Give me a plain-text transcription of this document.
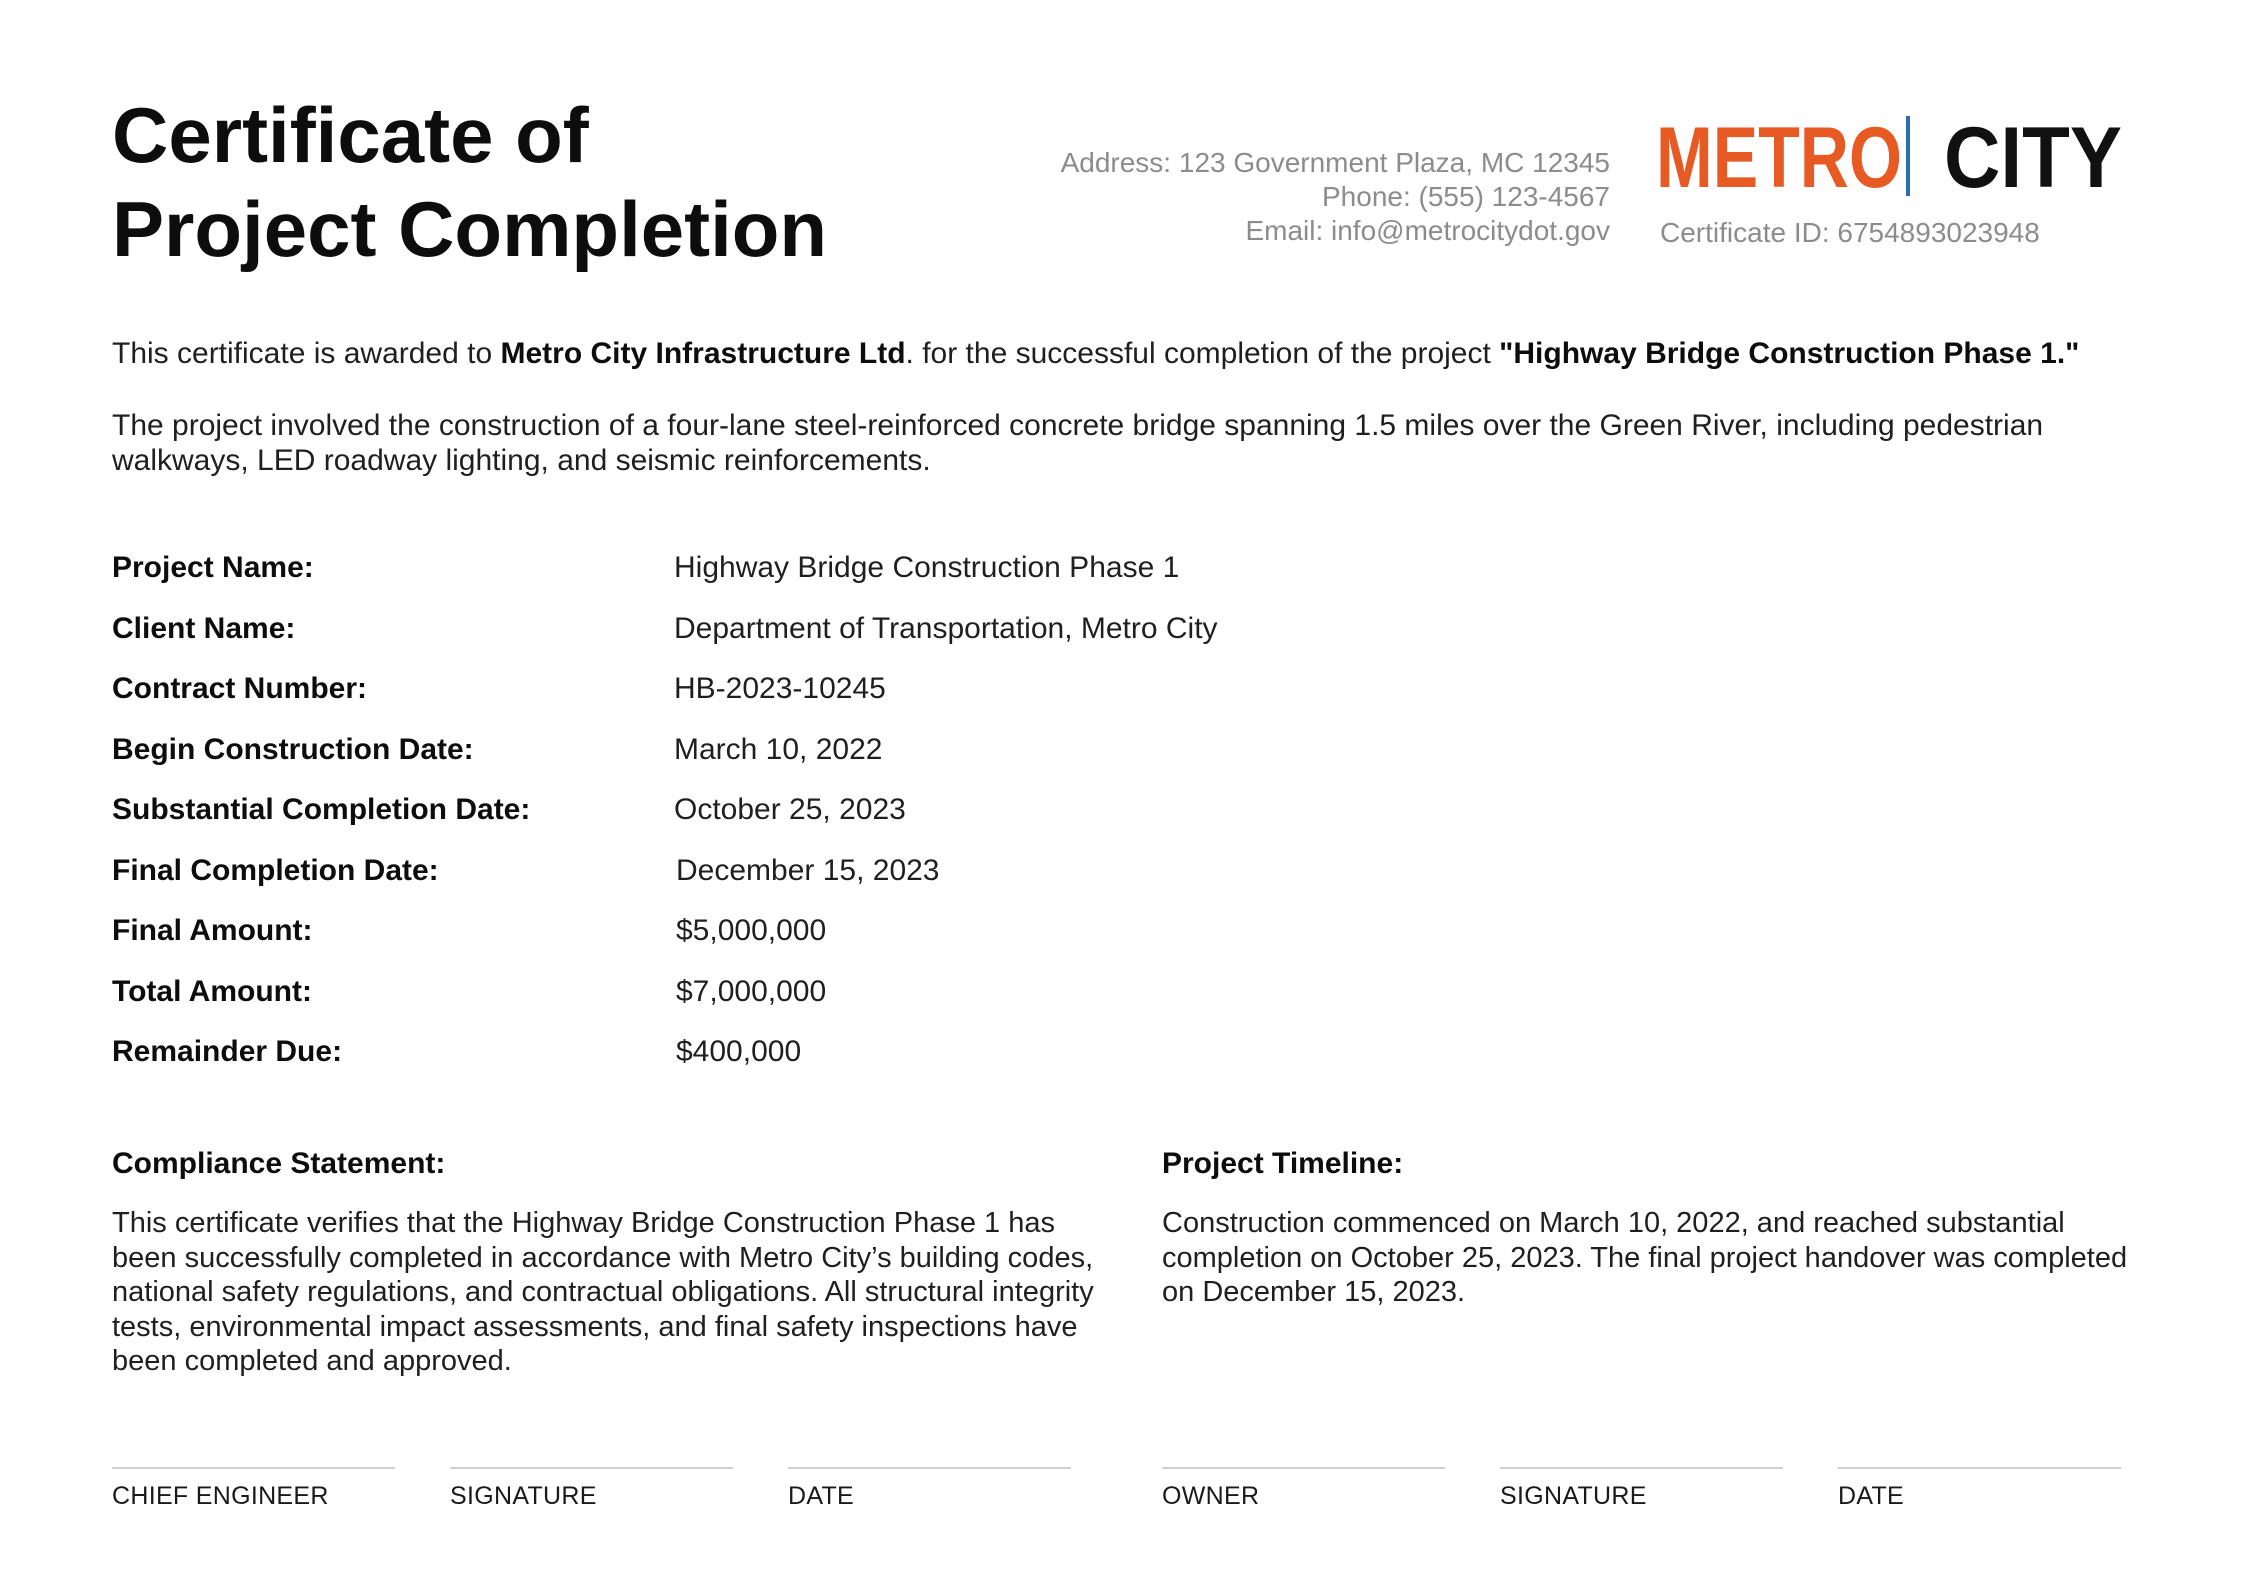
Certificate of
Project Completion
Address: 123 Government Plaza, MC 12345
Phone: (555) 123-4567
Email: info@metrocitydot.gov
METRO CITY
Certificate ID: 6754893023948

This certificate is awarded to Metro City Infrastructure Ltd. for the successful completion of the project "Highway Bridge Construction Phase 1."

The project involved the construction of a four-lane steel-reinforced concrete bridge spanning 1.5 miles over the Green River, including pedestrian walkways, LED roadway lighting, and seismic reinforcements.

Project Name:	Highway Bridge Construction Phase 1
Client Name:	Department of Transportation, Metro City
Contract Number:	HB-2023-10245
Begin Construction Date:	March 10, 2022
Substantial Completion Date:	October 25, 2023
Final Completion Date:	December 15, 2023
Final Amount:	$5,000,000
Total Amount:	$7,000,000
Remainder Due:	$400,000
Compliance Statement:

This certificate verifies that the Highway Bridge Construction Phase 1 has been successfully completed in accordance with Metro City’s building codes, national safety regulations, and contractual obligations. All structural integrity tests, environmental impact assessments, and final safety inspections have been completed and approved.

Project Timeline:

Construction commenced on March 10, 2022, and reached substantial completion on October 25, 2023. The final project handover was completed on December 15, 2023.

CHIEF ENGINEER	SIGNATURE	DATE	OWNER	SIGNATURE	DATE
